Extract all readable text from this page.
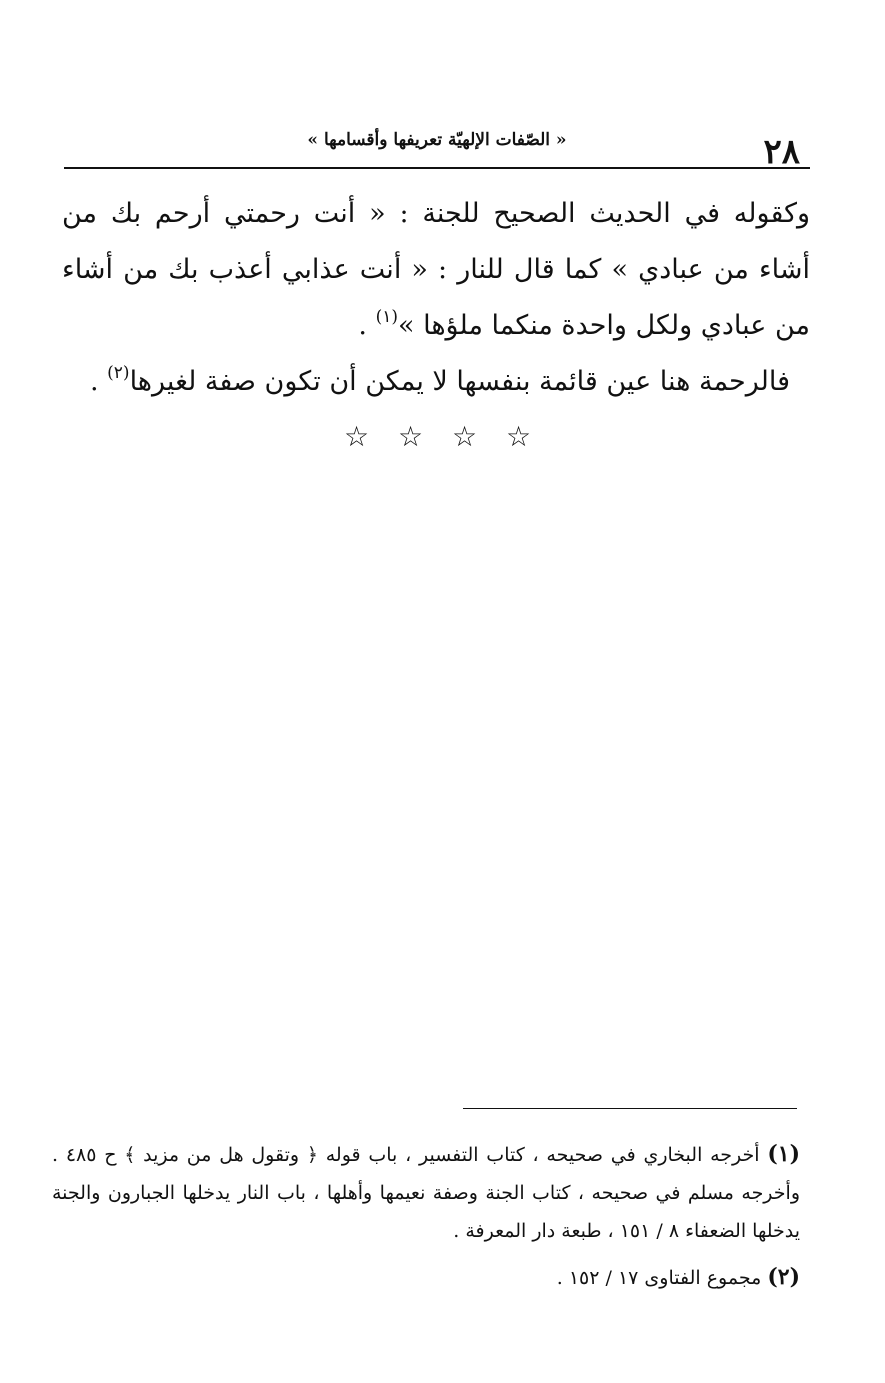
٢٨
« الصّفات الإلهيّة تعريفها وأقسامها »

وكقوله في الحديث الصحيح للجنة : « أنت رحمتي أرحم بك من أشاء من عبادي » كما قال للنار : « أنت عذابي أعذب بك من أشاء من عبادي ولكل واحدة منكما ملؤها »$^{(١)}$ .

فالرحمة هنا عين قائمة بنفسها لا يمكن أن تكون صفة لغيرها$^{(٢)}$ .

☆ ☆ ☆ ☆

(١) أخرجه البخاري في صحيحه ، كتاب التفسير ، باب قوله ﴿ وتقول هل من مزيد ﴾ ح ٤٨٥ . وأخرجه مسلم في صحيحه ، كتاب الجنة وصفة نعيمها وأهلها ، باب النار يدخلها الجبارون والجنة يدخلها الضعفاء ٨ / ١٥١ ، طبعة دار المعرفة .

(٢) مجموع الفتاوى ١٧ / ١٥٢ .
